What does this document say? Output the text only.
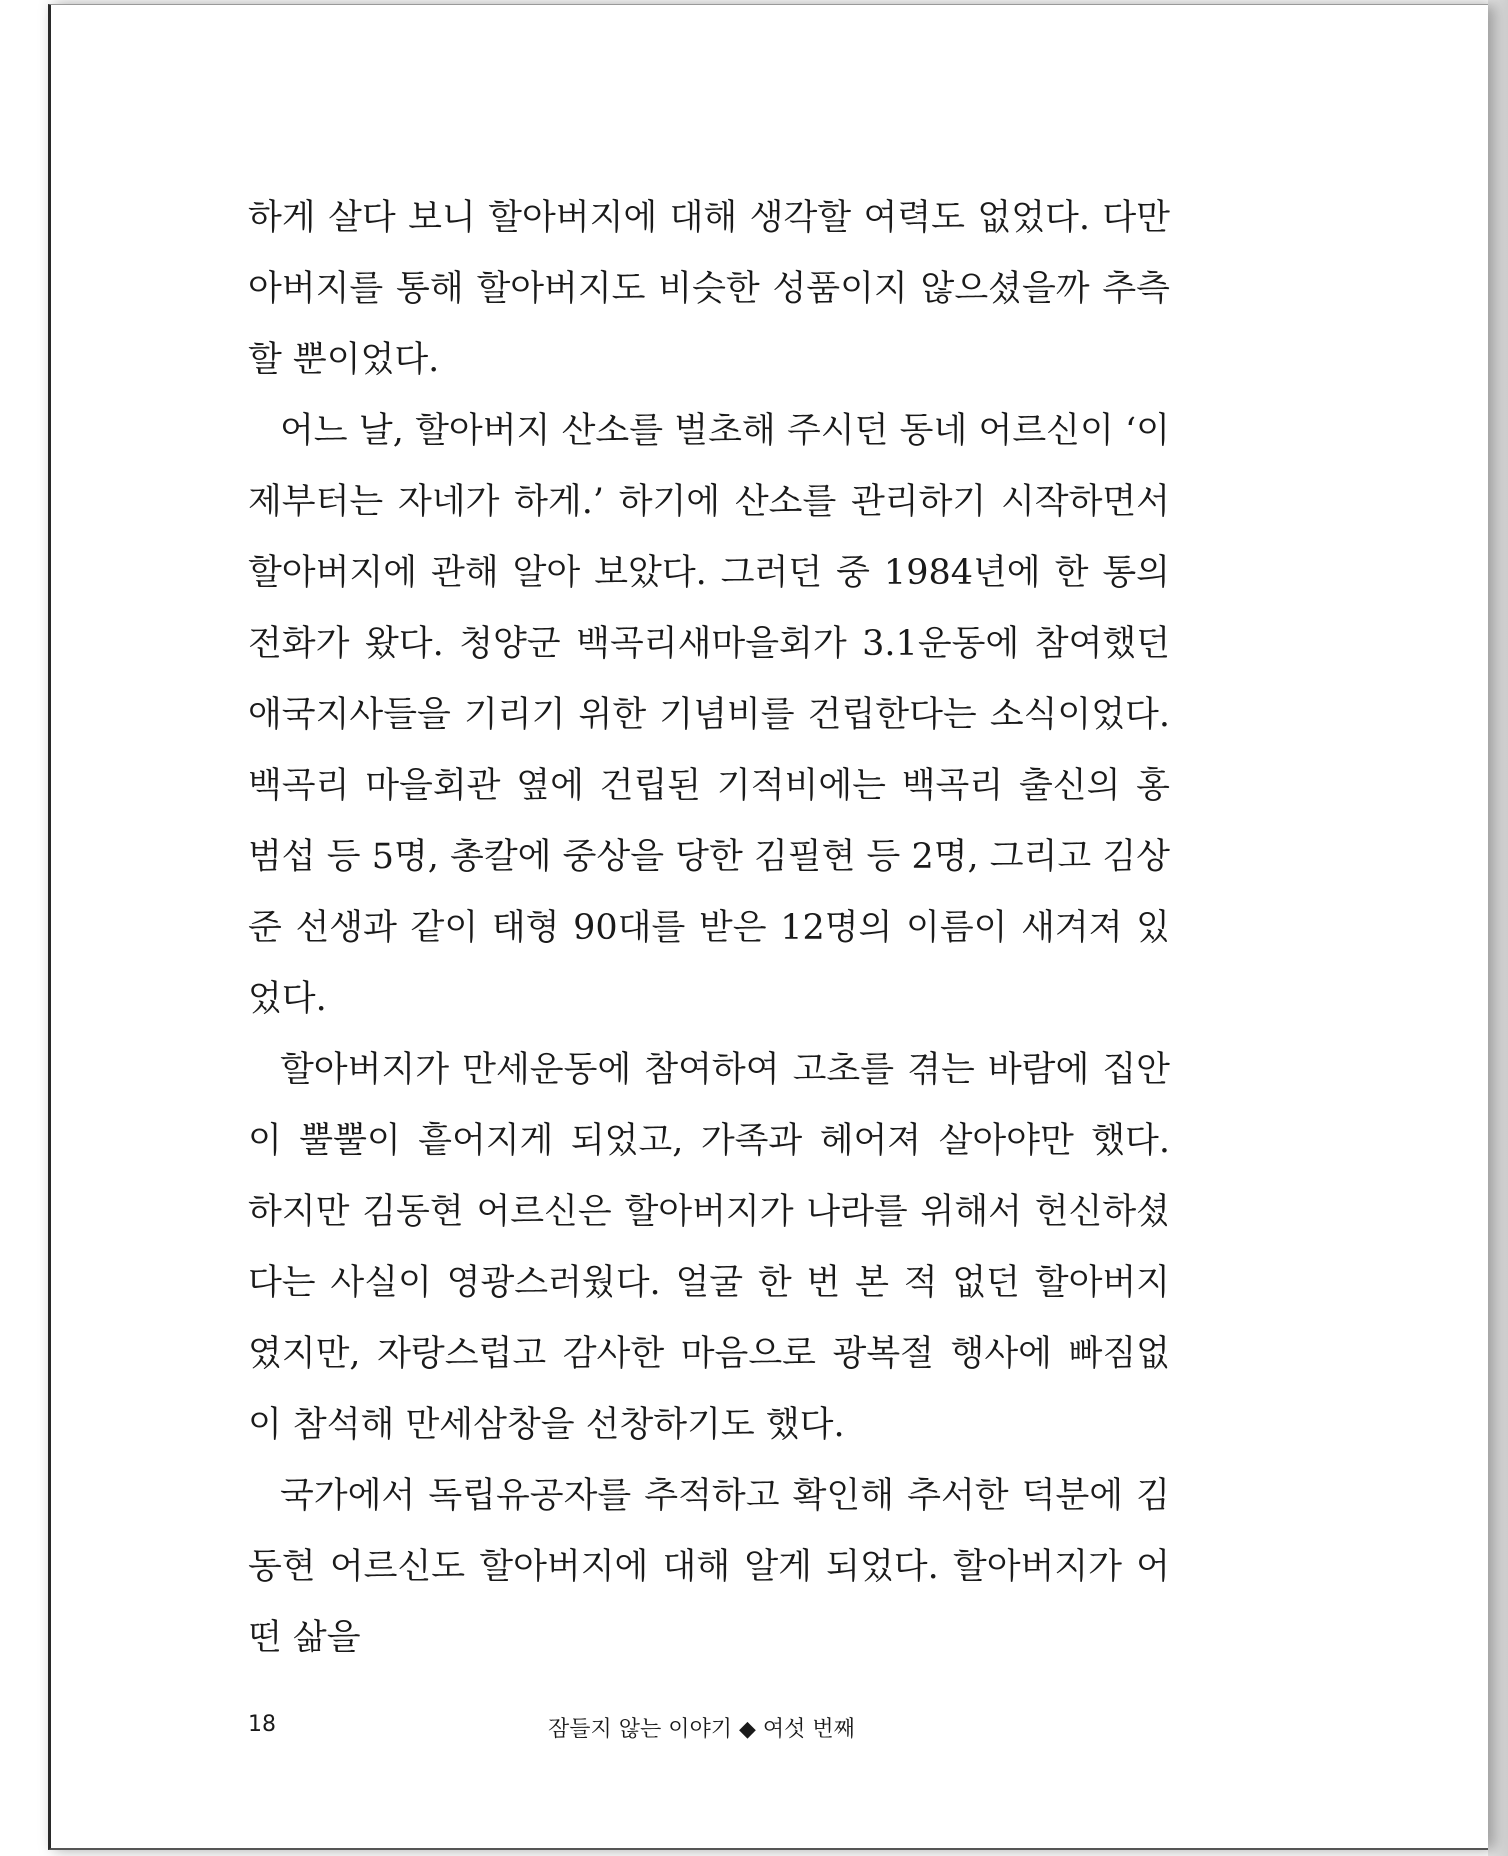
하게 살다 보니 할아버지에 대해 생각할 여력도 없었다. 다만 아버지를 통해 할아버지도 비슷한 성품이지 않으셨을까 추측할 뿐이었다.

어느 날, 할아버지 산소를 벌초해 주시던 동네 어르신이 ‘이제부터는 자네가 하게.’ 하기에 산소를 관리하기 시작하면서 할아버지에 관해 알아 보았다. 그러던 중 1984년에 한 통의 전화가 왔다. 청양군 백곡리새마을회가 3.1운동에 참여했던 애국지사들을 기리기 위한 기념비를 건립한다는 소식이었다. 백곡리 마을회관 옆에 건립된 기적비에는 백곡리 출신의 홍범섭 등 5명, 총칼에 중상을 당한 김필현 등 2명, 그리고 김상준 선생과 같이 태형 90대를 받은 12명의 이름이 새겨져 있었다.

할아버지가 만세운동에 참여하여 고초를 겪는 바람에 집안이 뿔뿔이 흩어지게 되었고, 가족과 헤어져 살아야만 했다. 하지만 김동현 어르신은 할아버지가 나라를 위해서 헌신하셨다는 사실이 영광스러웠다. 얼굴 한 번 본 적 없던 할아버지였지만, 자랑스럽고 감사한 마음으로 광복절 행사에 빠짐없이 참석해 만세삼창을 선창하기도 했다.

국가에서 독립유공자를 추적하고 확인해 추서한 덕분에 김동현 어르신도 할아버지에 대해 알게 되었다. 할아버지가 어떤 삶을

18	잠들지 않는 이야기 ◆ 여섯 번째
